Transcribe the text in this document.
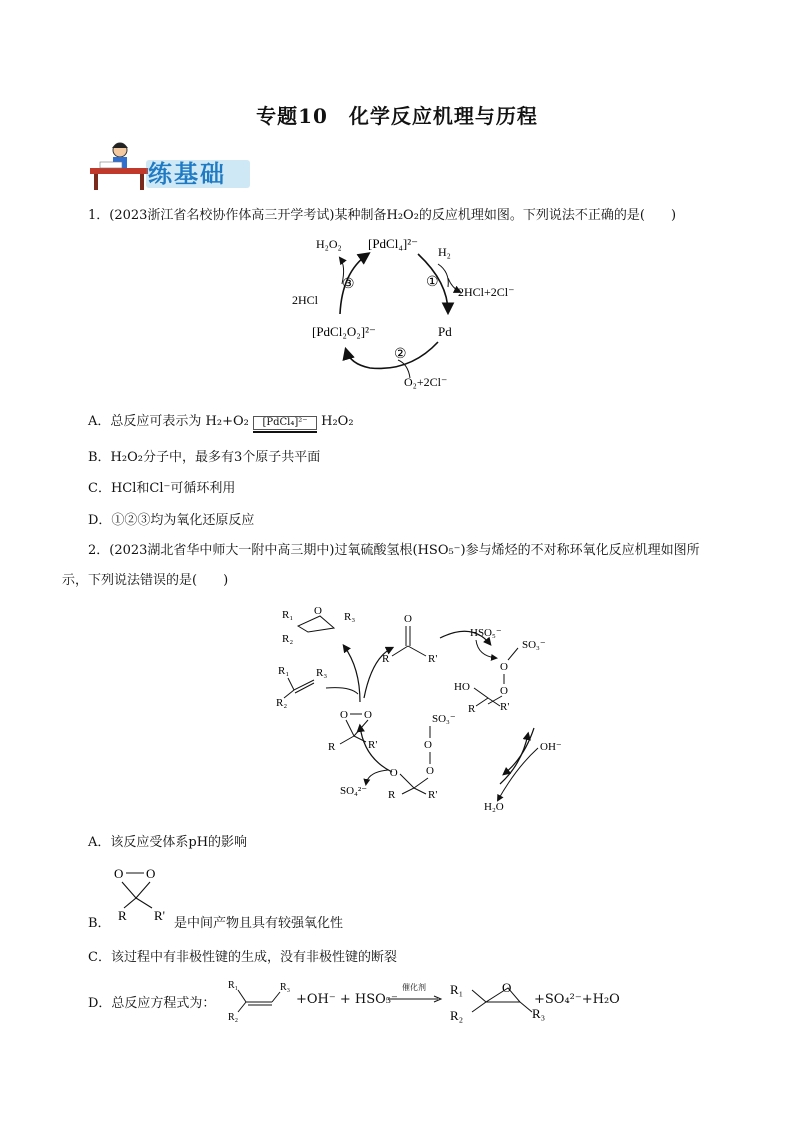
专题10　化学反应机理与历程
练基础
1．(2023浙江省名校协作体高三开学考试)某种制备H₂O₂的反应机理如图。下列说法不正确的是(　　)
[PdCl₄]²⁻
Pd
[PdCl₂O₂]²⁻
H₂
2HCl+2Cl⁻
O₂+2Cl⁻
H₂O₂
2HCl
①
②
③
A．总反应可表示为 H₂+O₂	[PdCl₄]²⁻	H₂O₂
B．H₂O₂分子中，最多有3个原子共平面
C．HCl和Cl⁻可循环利用
D．①②③均为氧化还原反应
2．(2023湖北省华中师大一附中高三期中)过氧硫酸氢根(HSO₅⁻)参与烯烃的不对称环氧化反应机理如图所
示，下列说法错误的是(　　)
R₁
R₂
R₃
O
R₁ R₃
R₂
O
R	R'
HSO₅⁻
SO₃⁻
O
O
HO
R R'
OH⁻
H₂O
SO₃⁻
O
O
⁻O
R	R'
O O
R	R'
SO₄²⁻
A．该反应受体系pH的影响
O O
R R'
B．	是中间产物且具有较强氧化性
C．该过程中有非极性键的生成，没有非极性键的断裂
D．总反应方程式为：
R₁	R₃
R₂
+OH⁻ + HSO₅⁻
催化剂	R₁
R₂
O
R₃
+SO₄²⁻+H₂O
